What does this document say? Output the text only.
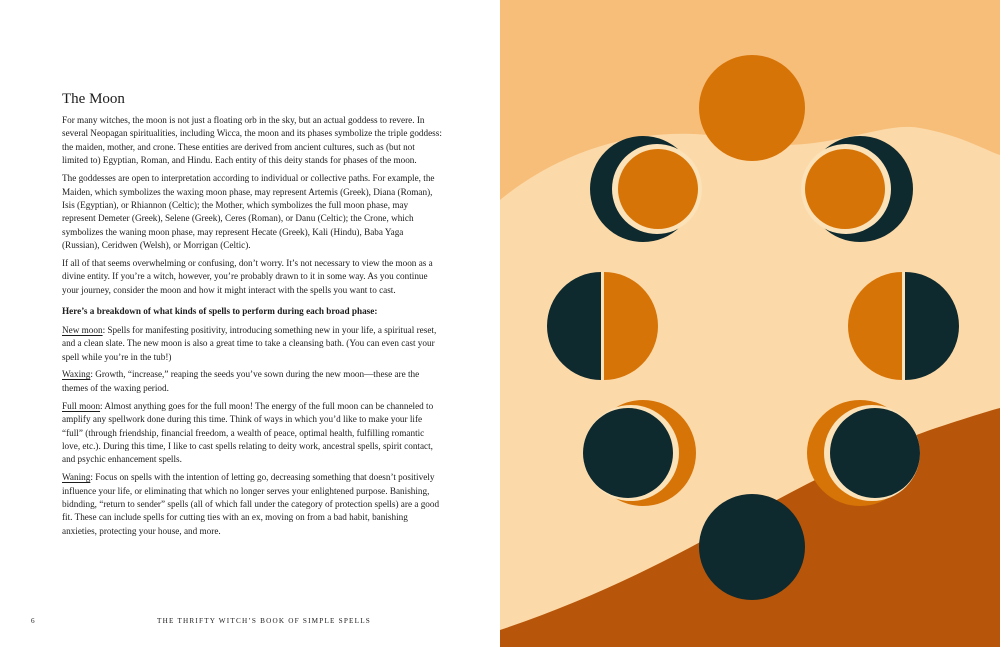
The Moon

For many witches, the moon is not just a floating orb in the sky, but an actual goddess to revere. In several Neopagan spiritualities, including Wicca, the moon and its phases symbolize the triple goddess: the maiden, mother, and crone. These entities are derived from ancient cultures, such as (but not limited to) Egyptian, Roman, and Hindu. Each entity of this deity stands for phases of the moon.

The goddesses are open to interpretation according to individual or collective paths. For example, the Maiden, which symbolizes the waxing moon phase, may represent Artemis (Greek), Diana (Roman), Isis (Egyptian), or Rhiannon (Celtic); the Mother, which symbolizes the full moon phase, may represent Demeter (Greek), Selene (Greek), Ceres (Roman), or Danu (Celtic); the Crone, which symbolizes the waning moon phase, may represent Hecate (Greek), Kali (Hindu), Baba Yaga (Russian), Ceridwen (Welsh), or Morrigan (Celtic).

If all of that seems overwhelming or confusing, don’t worry. It’s not necessary to view the moon as a divine entity. If you’re a witch, however, you’re probably drawn to it in some way. As you continue your journey, consider the moon and how it might interact with the spells you want to cast.

Here’s a breakdown of what kinds of spells to perform during each broad phase:

New moon: Spells for manifesting positivity, introducing something new in your life, a spiritual reset, and a clean slate. The new moon is also a great time to take a cleansing bath. (You can even cast your spell while you’re in the tub!)

Waxing: Growth, “increase,” reaping the seeds you’ve sown during the new moon—these are the themes of the waxing period.

Full moon: Almost anything goes for the full moon! The energy of the full moon can be channeled to amplify any spellwork done during this time. Think of ways in which you’d like to make your life “full” (through friendship, financial freedom, a wealth of peace, optimal health, fulfilling romantic love, etc.). During this time, I like to cast spells relating to deity work, ancestral spells, spirit contact, and psychic enhancement spells.

Waning: Focus on spells with the intention of letting go, decreasing something that doesn’t positively influence your life, or eliminating that which no longer serves your enlightened purpose. Banishing, bidnding, “return to sender” spells (all of which fall under the category of protection spells) are a good fit. These can include spells for cutting ties with an ex, moving on from a bad habit, banishing anxieties, protecting your house, and more.

6	THE THRIFTY WITCH’S BOOK OF SIMPLE SPELLS
